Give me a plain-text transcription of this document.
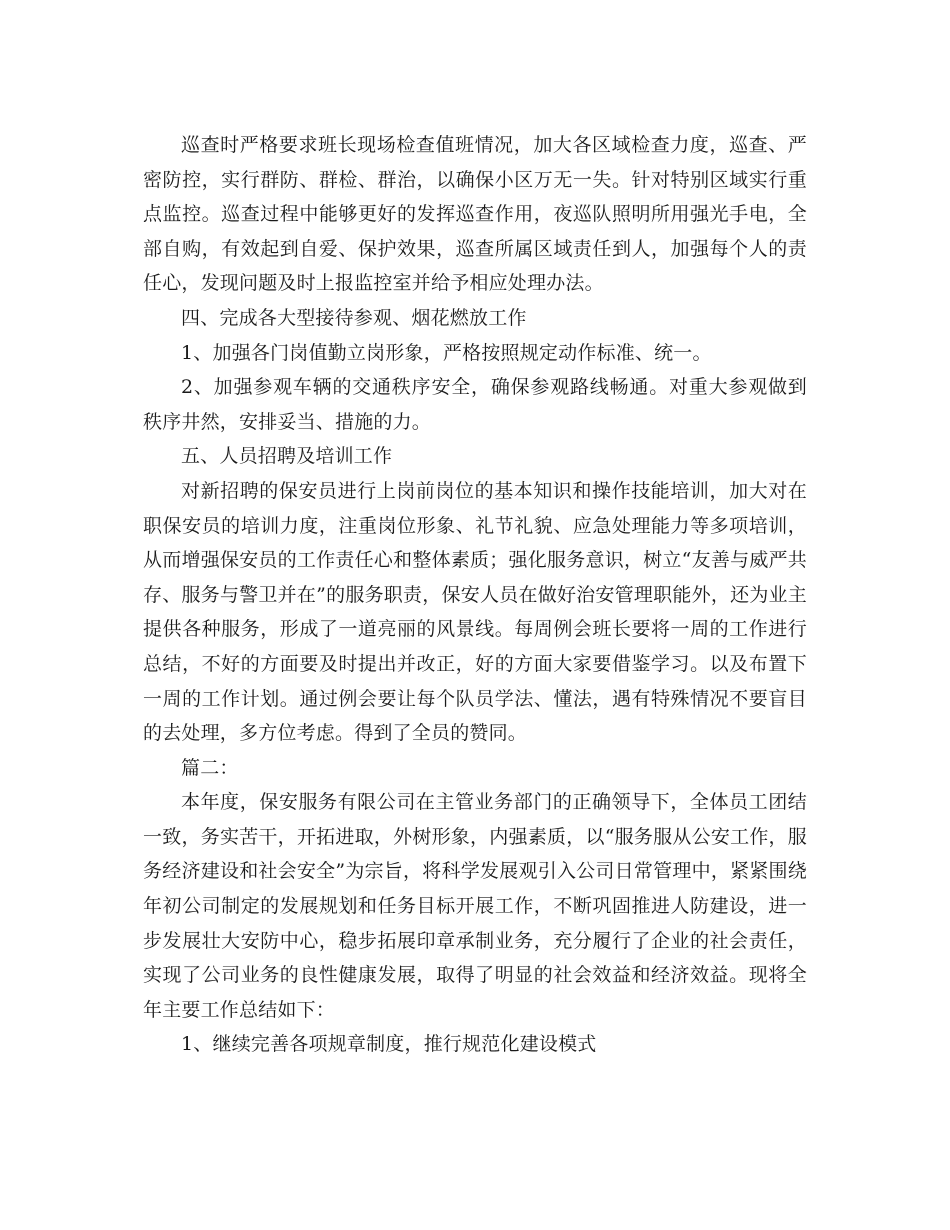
巡查时严格要求班长现场检查值班情况，加大各区域检查力度，巡查、严密防控，实行群防、群检、群治，以确保小区万无一失。针对特别区域实行重点监控。巡查过程中能够更好的发挥巡查作用，夜巡队照明所用强光手电，全部自购，有效起到自爱、保护效果，巡查所属区域责任到人，加强每个人的责任心，发现问题及时上报监控室并给予相应处理办法。

四、完成各大型接待参观、烟花燃放工作

1、加强各门岗值勤立岗形象，严格按照规定动作标准、统一。

2、加强参观车辆的交通秩序安全，确保参观路线畅通。对重大参观做到秩序井然，安排妥当、措施的力。

五、人员招聘及培训工作

对新招聘的保安员进行上岗前岗位的基本知识和操作技能培训，加大对在职保安员的培训力度，注重岗位形象、礼节礼貌、应急处理能力等多项培训，从而增强保安员的工作责任心和整体素质；强化服务意识，树立“友善与威严共存、服务与警卫并在”的服务职责，保安人员在做好治安管理职能外，还为业主提供各种服务，形成了一道亮丽的风景线。每周例会班长要将一周的工作进行总结，不好的方面要及时提出并改正，好的方面大家要借鉴学习。以及布置下一周的工作计划。通过例会要让每个队员学法、懂法，遇有特殊情况不要盲目的去处理，多方位考虑。得到了全员的赞同。

篇二：

本年度，保安服务有限公司在主管业务部门的正确领导下，全体员工团结一致，务实苦干，开拓进取，外树形象，内强素质，以“服务服从公安工作，服务经济建设和社会安全”为宗旨，将科学发展观引入公司日常管理中，紧紧围绕年初公司制定的发展规划和任务目标开展工作，不断巩固推进人防建设，进一步发展壮大安防中心，稳步拓展印章承制业务，充分履行了企业的社会责任，实现了公司业务的良性健康发展，取得了明显的社会效益和经济效益。现将全年主要工作总结如下：

1、继续完善各项规章制度，推行规范化建设模式
